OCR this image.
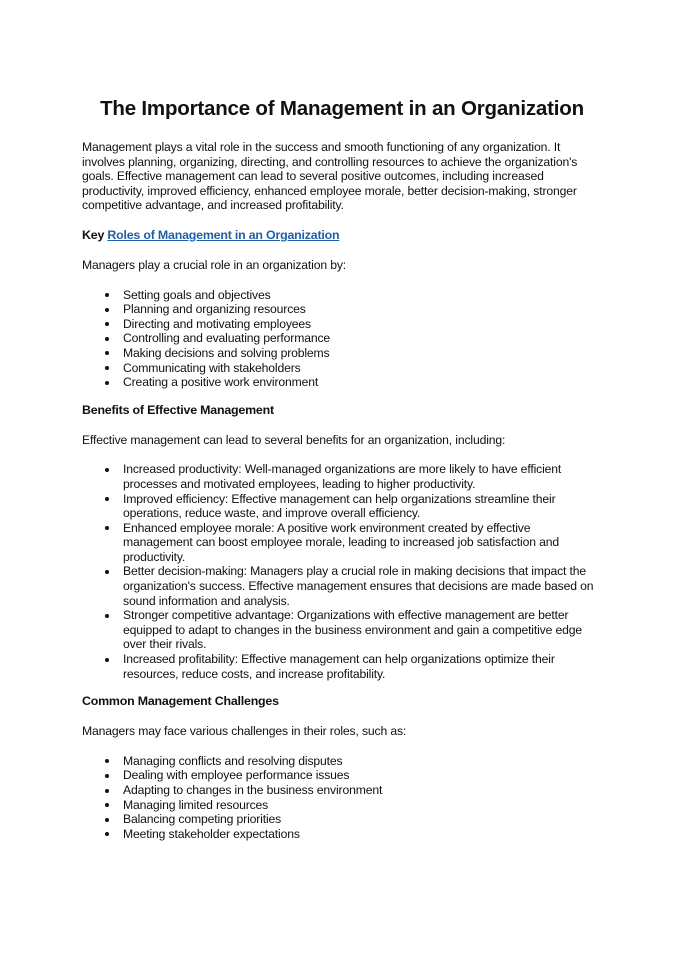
The Importance of Management in an Organization

Management plays a vital role in the success and smooth functioning of any organization. It involves planning, organizing, directing, and controlling resources to achieve the organization's goals. Effective management can lead to several positive outcomes, including increased productivity, improved efficiency, enhanced employee morale, better decision-making, stronger competitive advantage, and increased profitability.

Key Roles of Management in an Organization

Managers play a crucial role in an organization by:

Setting goals and objectives
Planning and organizing resources
Directing and motivating employees
Controlling and evaluating performance
Making decisions and solving problems
Communicating with stakeholders
Creating a positive work environment
Benefits of Effective Management

Effective management can lead to several benefits for an organization, including:

Increased productivity: Well-managed organizations are more likely to have efficient processes and motivated employees, leading to higher productivity.
Improved efficiency: Effective management can help organizations streamline their operations, reduce waste, and improve overall efficiency.
Enhanced employee morale: A positive work environment created by effective management can boost employee morale, leading to increased job satisfaction and productivity.
Better decision-making: Managers play a crucial role in making decisions that impact the organization's success. Effective management ensures that decisions are made based on sound information and analysis.
Stronger competitive advantage: Organizations with effective management are better equipped to adapt to changes in the business environment and gain a competitive edge over their rivals.
Increased profitability: Effective management can help organizations optimize their resources, reduce costs, and increase profitability.
Common Management Challenges

Managers may face various challenges in their roles, such as:

Managing conflicts and resolving disputes
Dealing with employee performance issues
Adapting to changes in the business environment
Managing limited resources
Balancing competing priorities
Meeting stakeholder expectations
